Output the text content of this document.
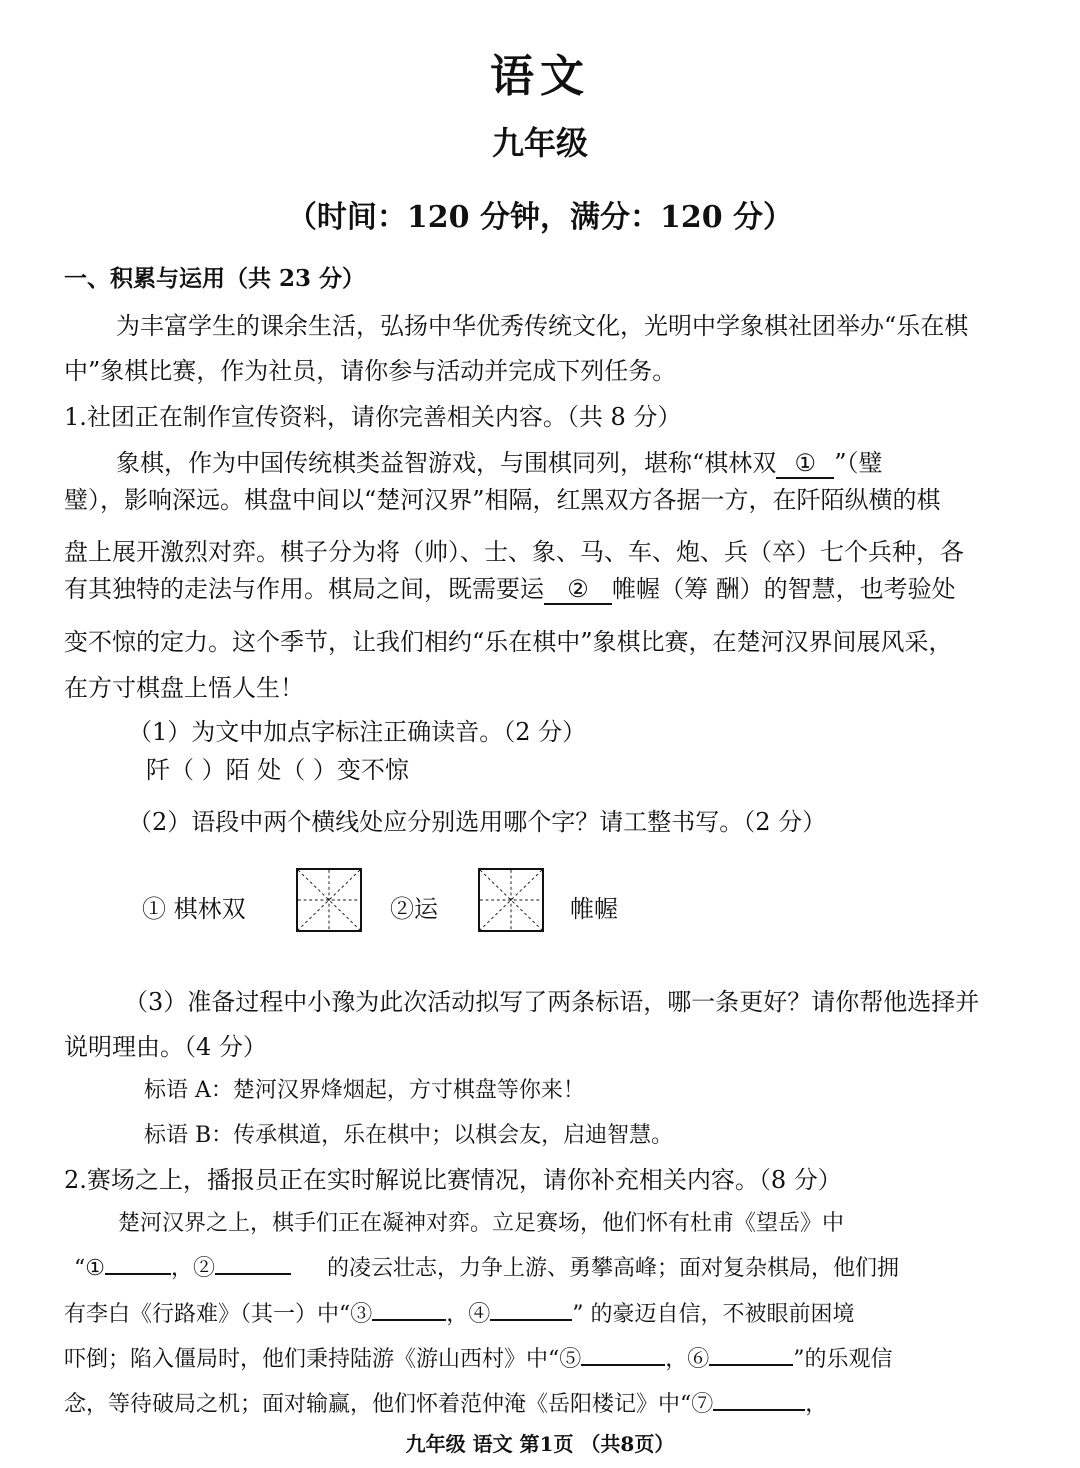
语文
九年级
（时间：120 分钟，满分：120 分）
一、积累与运用（共 23 分）
为丰富学生的课余生活，弘扬中华优秀传统文化，光明中学象棋社团举办“乐在棋
中”象棋比赛，作为社员，请你参与活动并完成下列任务。
1.社团正在制作宣传资料，请你完善相关内容。（共 8 分）
象棋，作为中国传统棋类益智游戏，与围棋同列，堪称“棋林双 ① ”（璧
璧），影响深远。棋盘中间以“楚河汉界”相隔，红黑双方各据一方，在阡陌纵横的棋
盘上展开激烈对弈。棋子分为将（帅）、士、象、马、车、炮、兵（卒）七个兵种，各
有其独特的走法与作用。棋局之间，既需要运 ② 帷幄（筹 酬）的智慧，也考验处
变不惊的定力。这个季节，让我们相约“乐在棋中”象棋比赛，在楚河汉界间展风采，
在方寸棋盘上悟人生！
（1）为文中加点字标注正确读音。（2 分）
阡（ ）陌 处（ ）变不惊
（2）语段中两个横线处应分别选用哪个字？请工整书写。（2 分）
① 棋林双	②运	帷幄
（3）准备过程中小豫为此次活动拟写了两条标语，哪一条更好？请你帮他选择并
说明理由。（4 分）
标语 A：楚河汉界烽烟起，方寸棋盘等你来！
标语 B：传承棋道，乐在棋中；以棋会友，启迪智慧。
2.赛场之上，播报员正在实时解说比赛情况，请你补充相关内容。（8 分）
楚河汉界之上，棋手们正在凝神对弈。立足赛场，他们怀有杜甫《望岳》中
“①	，②	的凌云壮志，力争上游、勇攀高峰；面对复杂棋局，他们拥
有李白《行路难》（其一）中“③	，④	” 的豪迈自信，不被眼前困境
吓倒；陷入僵局时，他们秉持陆游《游山西村》中“⑤	，⑥	”的乐观信
念，等待破局之机；面对输赢，他们怀着范仲淹《岳阳楼记》中“⑦	，
九年级 语文 第1页 （共8页）
